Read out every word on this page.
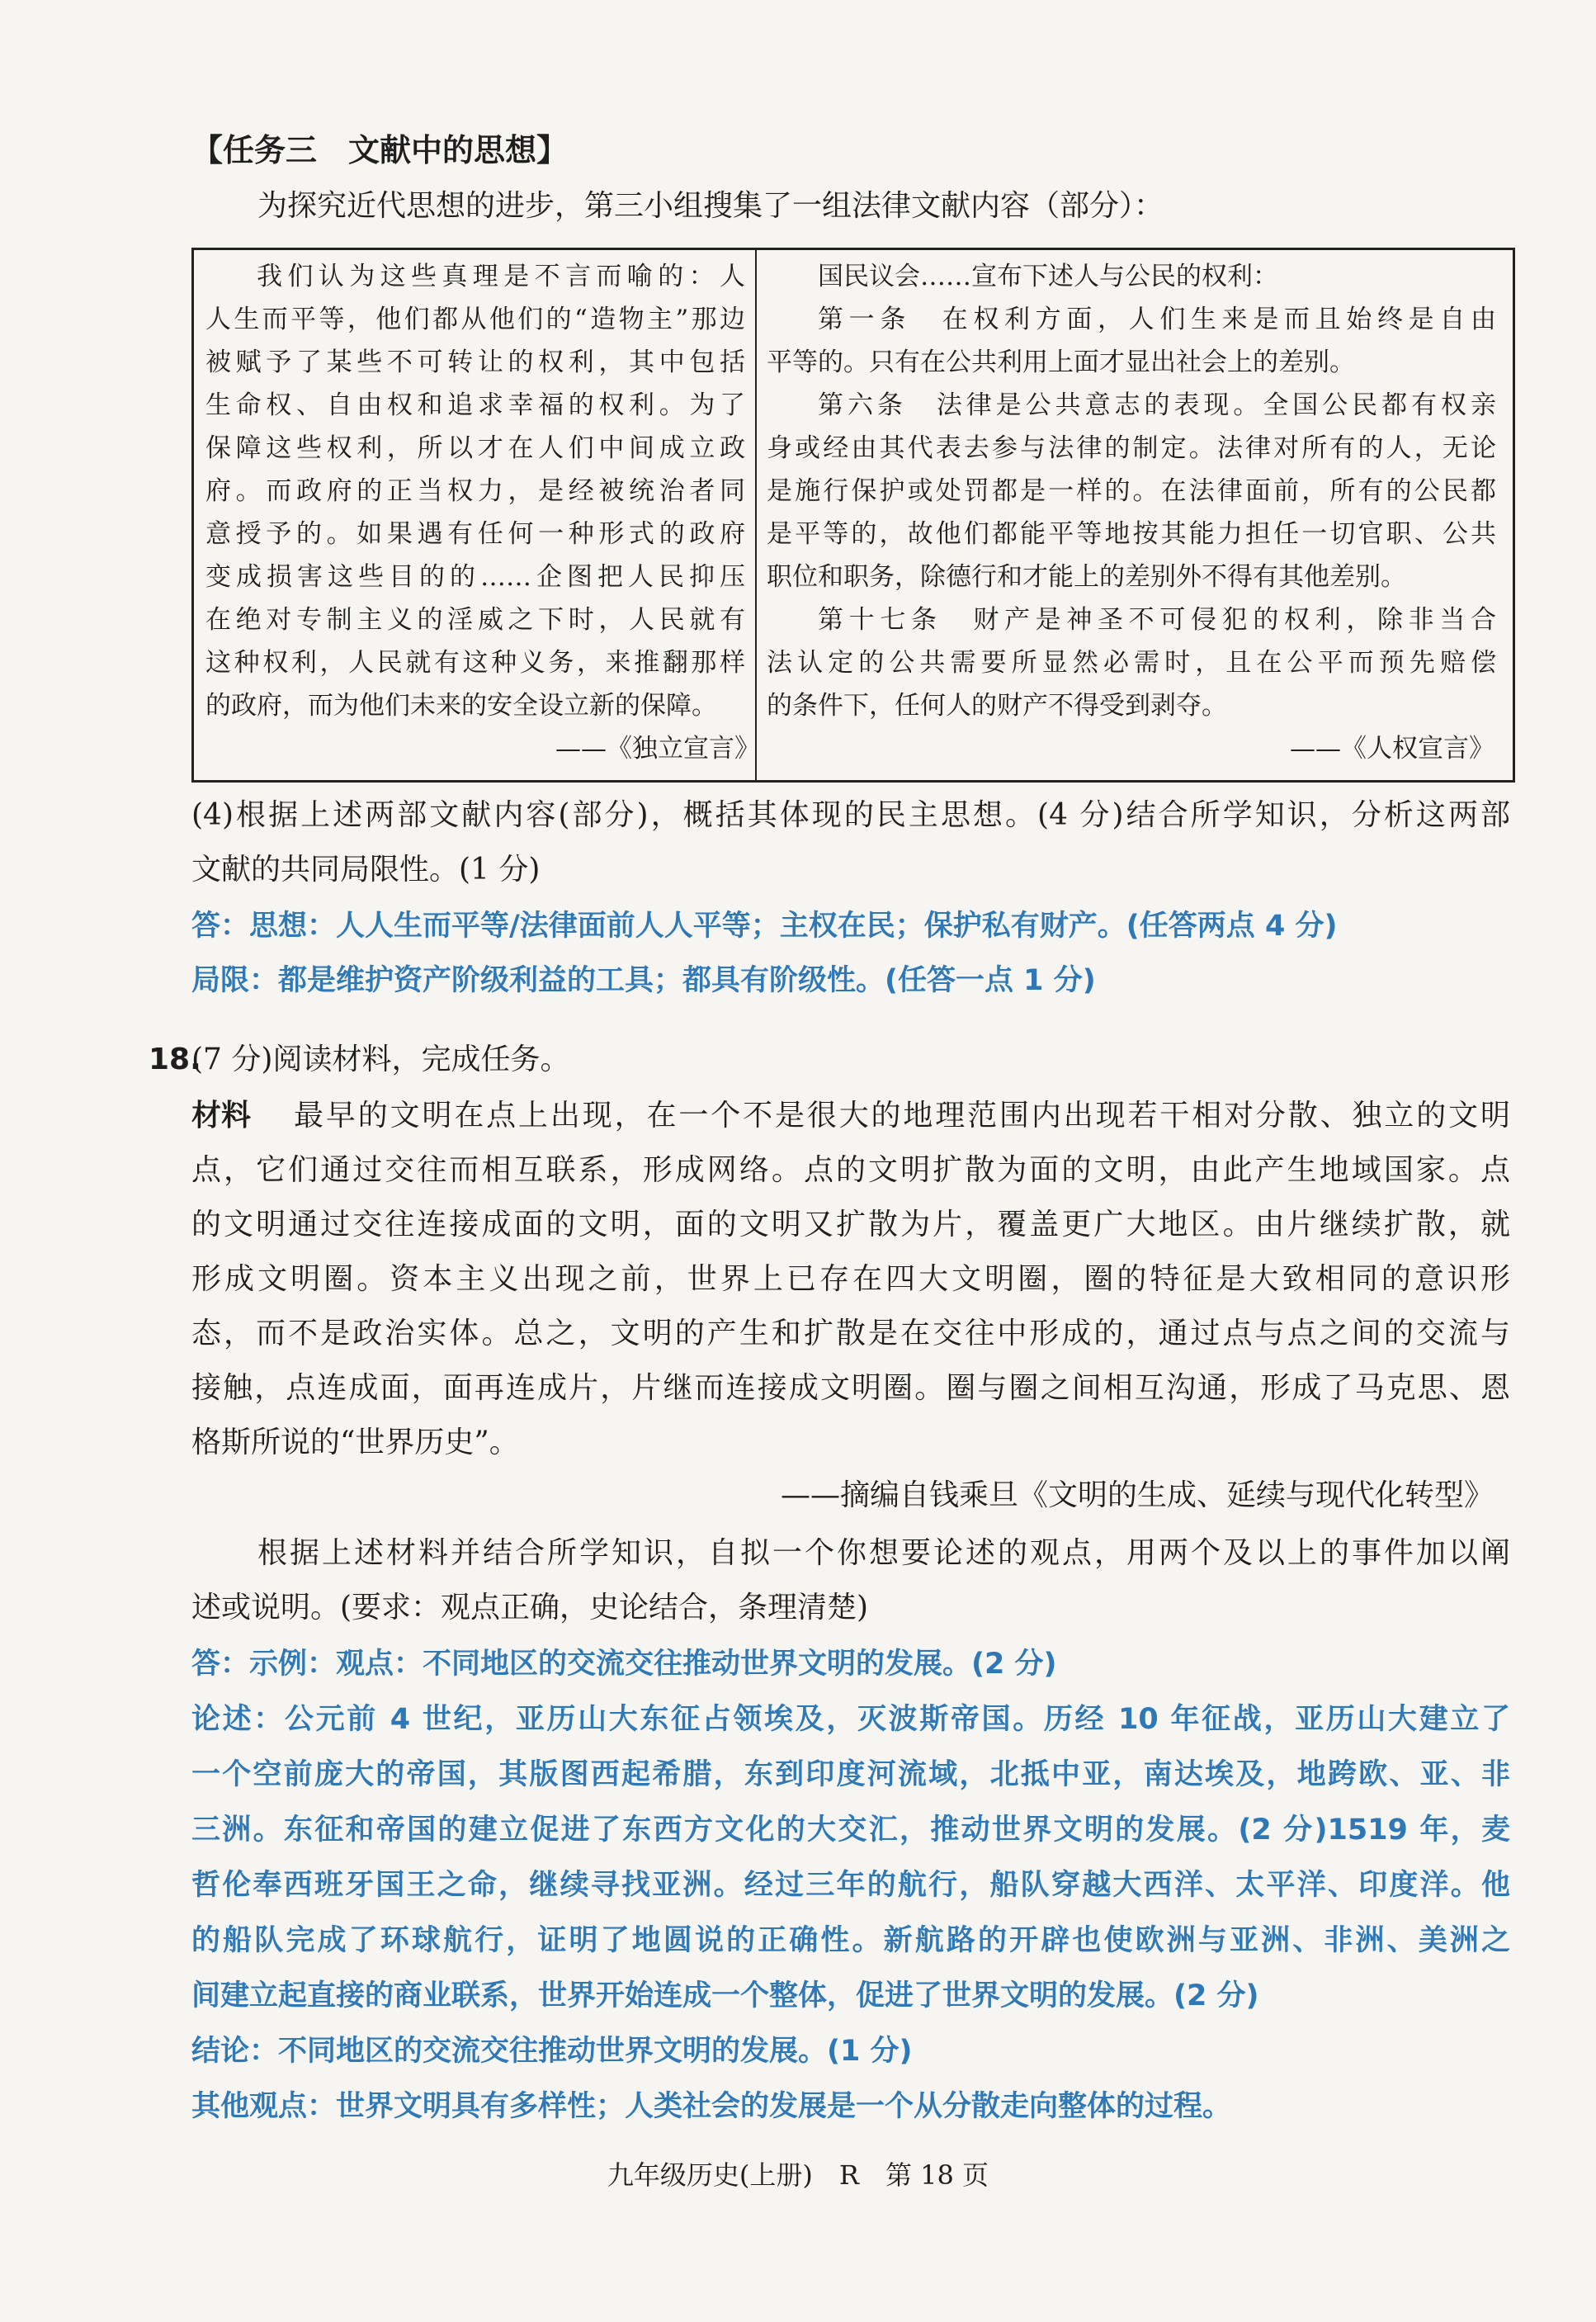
【任务三　文献中的思想】
为探究近代思想的进步，第三小组搜集了一组法律文献内容（部分）：
我们认为这些真理是不言而喻的：人
人生而平等，他们都从他们的“造物主”那边
被赋予了某些不可转让的权利，其中包括
生命权、自由权和追求幸福的权利。为了
保障这些权利，所以才在人们中间成立政
府。而政府的正当权力，是经被统治者同
意授予的。如果遇有任何一种形式的政府
变成损害这些目的的……企图把人民抑压
在绝对专制主义的淫威之下时，人民就有
这种权利，人民就有这种义务，来推翻那样
的政府，而为他们未来的安全设立新的保障。
国民议会……宣布下述人与公民的权利：
第一条　在权利方面，人们生来是而且始终是自由
平等的。只有在公共利用上面才显出社会上的差别。
第六条　法律是公共意志的表现。全国公民都有权亲
身或经由其代表去参与法律的制定。法律对所有的人，无论
是施行保护或处罚都是一样的。在法律面前，所有的公民都
是平等的，故他们都能平等地按其能力担任一切官职、公共
职位和职务，除德行和才能上的差别外不得有其他差别。
第十七条　财产是神圣不可侵犯的权利，除非当合
法认定的公共需要所显然必需时，且在公平而预先赔偿
的条件下，任何人的财产不得受到剥夺。
——《独立宣言》	——《人权宣言》
(4)根据上述两部文献内容(部分)，概括其体现的民主思想。(4 分)结合所学知识，分析这两部
文献的共同局限性。(1 分)
答：思想：人人生而平等/法律面前人人平等；主权在民；保护私有财产。(任答两点 4 分)
局限：都是维护资产阶级利益的工具；都具有阶级性。(任答一点 1 分)
18.
(7 分)阅读材料，完成任务。
材料 最早的文明在点上出现，在一个不是很大的地理范围内出现若干相对分散、独立的文明
点，它们通过交往而相互联系，形成网络。点的文明扩散为面的文明，由此产生地域国家。点
的文明通过交往连接成面的文明，面的文明又扩散为片，覆盖更广大地区。由片继续扩散，就
形成文明圈。资本主义出现之前，世界上已存在四大文明圈，圈的特征是大致相同的意识形
态，而不是政治实体。总之，文明的产生和扩散是在交往中形成的，通过点与点之间的交流与
接触，点连成面，面再连成片，片继而连接成文明圈。圈与圈之间相互沟通，形成了马克思、恩
格斯所说的“世界历史”。
——摘编自钱乘旦《文明的生成、延续与现代化转型》
根据上述材料并结合所学知识，自拟一个你想要论述的观点，用两个及以上的事件加以阐
述或说明。(要求：观点正确，史论结合，条理清楚)
答：示例：观点：不同地区的交流交往推动世界文明的发展。(2 分)
论述：公元前 4 世纪，亚历山大东征占领埃及，灭波斯帝国。历经 10 年征战，亚历山大建立了
一个空前庞大的帝国，其版图西起希腊，东到印度河流域，北抵中亚，南达埃及，地跨欧、亚、非
三洲。东征和帝国的建立促进了东西方文化的大交汇，推动世界文明的发展。(2 分)1519 年，麦
哲伦奉西班牙国王之命，继续寻找亚洲。经过三年的航行，船队穿越大西洋、太平洋、印度洋。他
的船队完成了环球航行，证明了地圆说的正确性。新航路的开辟也使欧洲与亚洲、非洲、美洲之
间建立起直接的商业联系，世界开始连成一个整体，促进了世界文明的发展。(2 分)
结论：不同地区的交流交往推动世界文明的发展。(1 分)
其他观点：世界文明具有多样性；人类社会的发展是一个从分散走向整体的过程。
九年级历史(上册)　R　第 18 页
